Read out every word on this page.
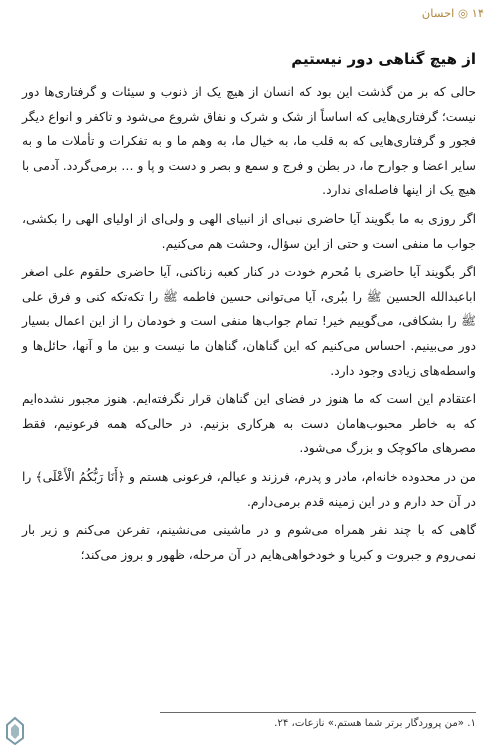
۱۴ ◎ احسان
از هیچ گناهی دور نیستیم

حالی که بر من گذشت این بود که انسان از هیچ یک از ذنوب و سیئات و گرفتاری‌ها دور نیست؛ گرفتاری‌هایی که اساساً از شک و شرک و نفاق شروع می‌شود و تاکفر و انواع دیگر فجور و گرفتاری‌هایی که به قلب ما، به خیال ما، به وهم ما و به تفکرات و تأملات ما و به سایر اعضا و جوارح ما، در بطن و فرج و سمع و بصر و دست و پا و … برمی‌گردد. آدمی با هیچ یک از اینها فاصله‌ای ندارد.

اگر روزی به ما بگویند آیا حاضری نبی‌ای از انبیای الهی و ولی‌ای از اولیای الهی را بکشی، جواب ما منفی است و حتی از این سؤال، وحشت هم می‌کنیم.

اگر بگویند آیا حاضری با مُحرم خودت در کنار کعبه زناکنی، آیا حاضری حلقوم علی اصغر اباعبدالله الحسین ﷺ را ببُری، آیا می‌توانی حسین فاطمه ﷺ را تکه‌تکه کنی و فرق علی ﷺ را بشکافی، می‌گوییم خیر! تمام جواب‌ها منفی است و خودمان را از این اعمال بسیار دور می‌بینیم. احساس می‌کنیم که این گناهان، گناهان ما نیست و بین ما و آنها، حائل‌ها و واسطه‌های زیادی وجود دارد.

اعتقادم این است که ما هنوز در فضای این گناهان قرار نگرفته‌ایم. هنوز مجبور نشده‌ایم که به خاطر محبوب‌هامان دست به هرکاری بزنیم. در حالی‌که همه فرعونیم، فقط مصرهای ماکوچک و بزرگ می‌شود.

من در محدوده خانه‌ام، مادر و پدرم، فرزند و عیالم، فرعونی هستم و ﴿أَنَا رَبُّكُمُ الْأَعْلَى﴾ را در آن حد دارم و در این زمینه قدم برمی‌دارم.

گاهی که با چند نفر همراه می‌شوم و در ماشینی می‌نشینم، تفرعن می‌کنم و زیر بار نمی‌روم و جبروت و کبریا و خودخواهی‌هایم در آن مرحله، ظهور و بروز می‌کند؛

۱. «من پروردگار برتر شما هستم.» نازعات، ۲۴.
